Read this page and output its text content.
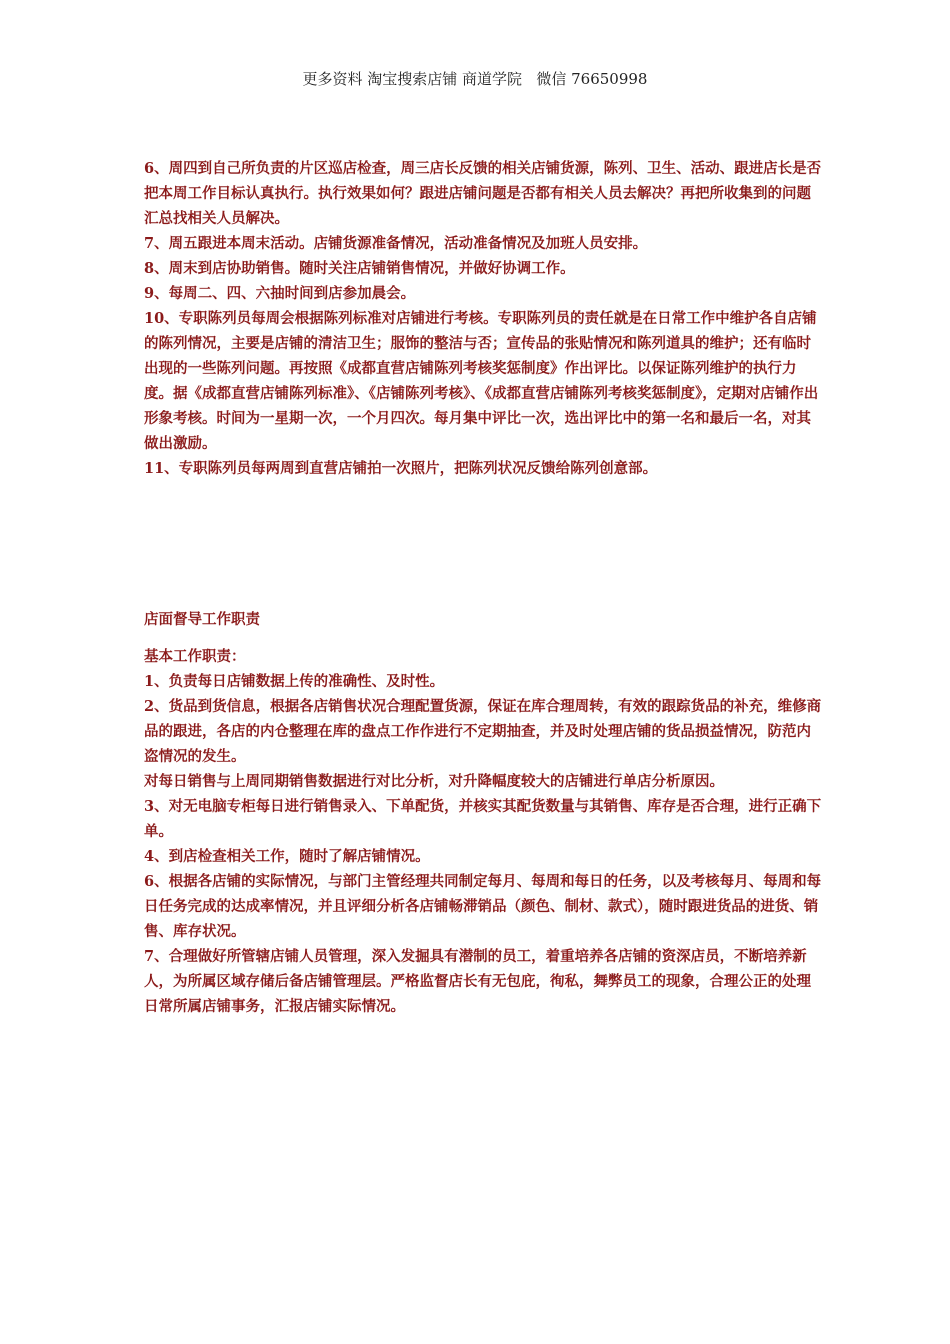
更多资料 淘宝搜索店铺 商道学院   微信 76650998

6、周四到自己所负责的片区巡店检查，周三店长反馈的相关店铺货源，陈列、卫生、活动、跟进店长是否把本周工作目标认真执行。执行效果如何？跟进店铺问题是否都有相关人员去解决？再把所收集到的问题汇总找相关人员解决。

7、周五跟进本周末活动。店铺货源准备情况，活动准备情况及加班人员安排。

8、周末到店协助销售。随时关注店铺销售情况，并做好协调工作。

9、每周二、四、六抽时间到店参加晨会。

10、专职陈列员每周会根据陈列标准对店铺进行考核。专职陈列员的责任就是在日常工作中维护各自店铺的陈列情况，主要是店铺的清洁卫生；服饰的整洁与否；宣传品的张贴情况和陈列道具的维护；还有临时出现的一些陈列问题。再按照《成都直营店铺陈列考核奖惩制度》作出评比。以保证陈列维护的执行力度。据《成都直营店铺陈列标准》、《店铺陈列考核》、《成都直营店铺陈列考核奖惩制度》，定期对店铺作出形象考核。时间为一星期一次，一个月四次。每月集中评比一次，选出评比中的第一名和最后一名，对其做出激励。

11、专职陈列员每两周到直营店铺拍一次照片，把陈列状况反馈给陈列创意部。

店面督导工作职责

基本工作职责：

1、负责每日店铺数据上传的准确性、及时性。

2、货品到货信息，根据各店销售状况合理配置货源，保证在库合理周转，有效的跟踪货品的补充，维修商品的跟进，各店的内仓整理在库的盘点工作作进行不定期抽查，并及时处理店铺的货品损益情况，防范内盗情况的发生。

对每日销售与上周同期销售数据进行对比分析，对升降幅度较大的店铺进行单店分析原因。

3、对无电脑专柜每日进行销售录入、下单配货，并核实其配货数量与其销售、库存是否合理，进行正确下单。

4、到店检查相关工作，随时了解店铺情况。

6、根据各店铺的实际情况，与部门主管经理共同制定每月、每周和每日的任务，以及考核每月、每周和每日任务完成的达成率情况，并且评细分析各店铺畅滞销品（颜色、制材、款式），随时跟进货品的进货、销售、库存状况。

7、合理做好所管辖店铺人员管理，深入发掘具有潜制的员工，着重培养各店铺的资深店员，不断培养新人，为所属区域存储后备店铺管理层。严格监督店长有无包庇，徇私，舞弊员工的现象，合理公正的处理日常所属店铺事务，汇报店铺实际情况。
